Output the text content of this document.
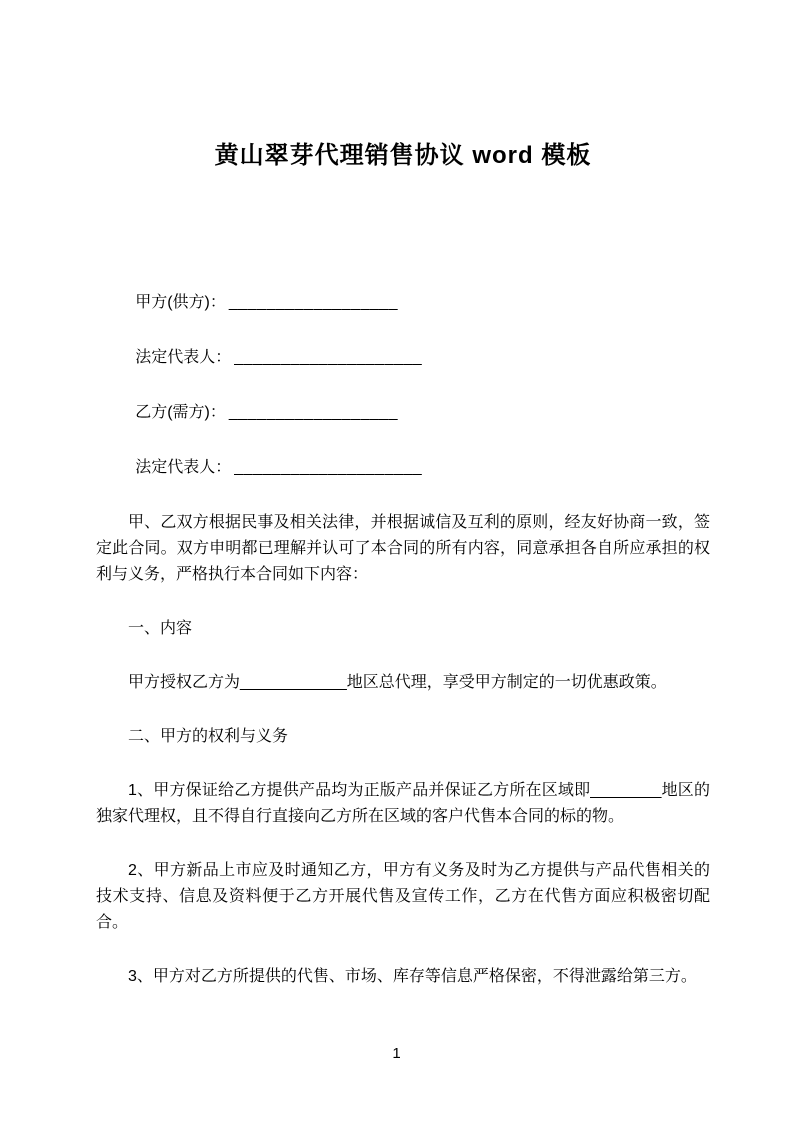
黄山翠芽代理销售协议 word 模板

甲方(供方)： __________________

法定代表人： ____________________

乙方(需方)： __________________

法定代表人： ____________________

甲、乙双方根据民事及相关法律，并根据诚信及互利的原则，经友好协商一致，签定此合同。双方申明都已理解并认可了本合同的所有内容，同意承担各自所应承担的权利与义务，严格执行本合同如下内容：

一、内容

甲方授权乙方为____________地区总代理，享受甲方制定的一切优惠政策。

二、甲方的权利与义务

1、甲方保证给乙方提供产品均为正版产品并保证乙方所在区域即________地区的独家代理权，且不得自行直接向乙方所在区域的客户代售本合同的标的物。

2、甲方新品上市应及时通知乙方，甲方有义务及时为乙方提供与产品代售相关的技术支持、信息及资料便于乙方开展代售及宣传工作，乙方在代售方面应积极密切配合。

3、甲方对乙方所提供的代售、市场、库存等信息严格保密，不得泄露给第三方。

1
